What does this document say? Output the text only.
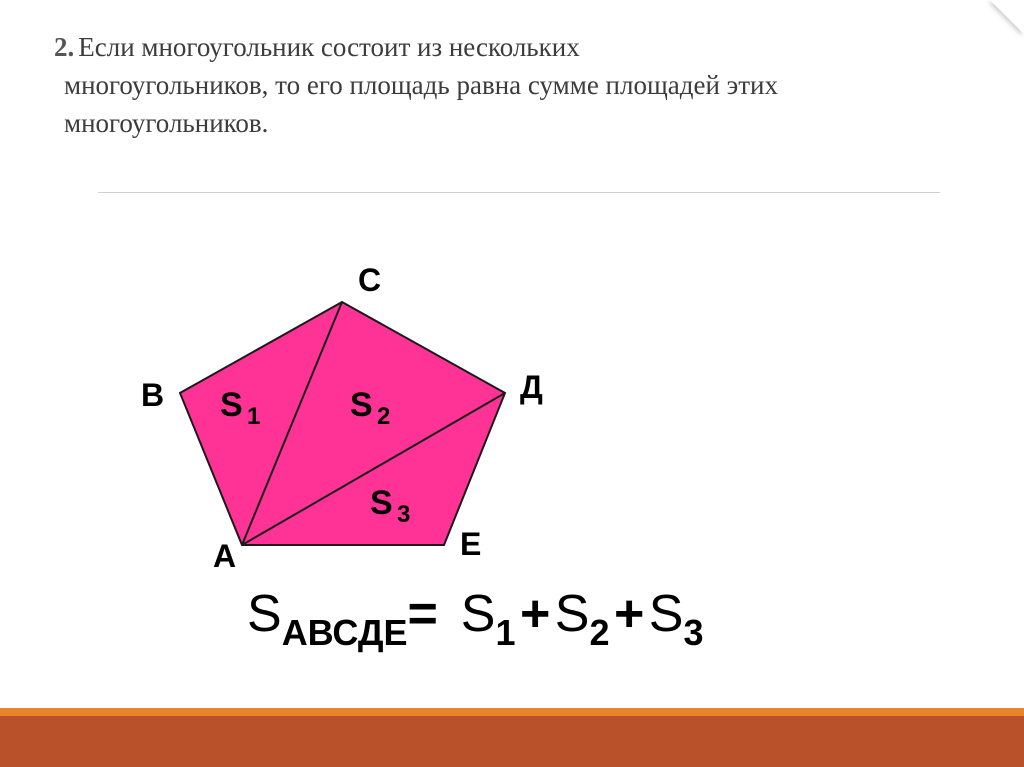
2. Если многоугольник состоит из нескольких
многоугольников, то его площадь равна сумме площадей этих
многоугольников.
А
В
С
Д
Е
S 1	S 2
S 3
SАВСДЕ= S1 + S2 + S3
